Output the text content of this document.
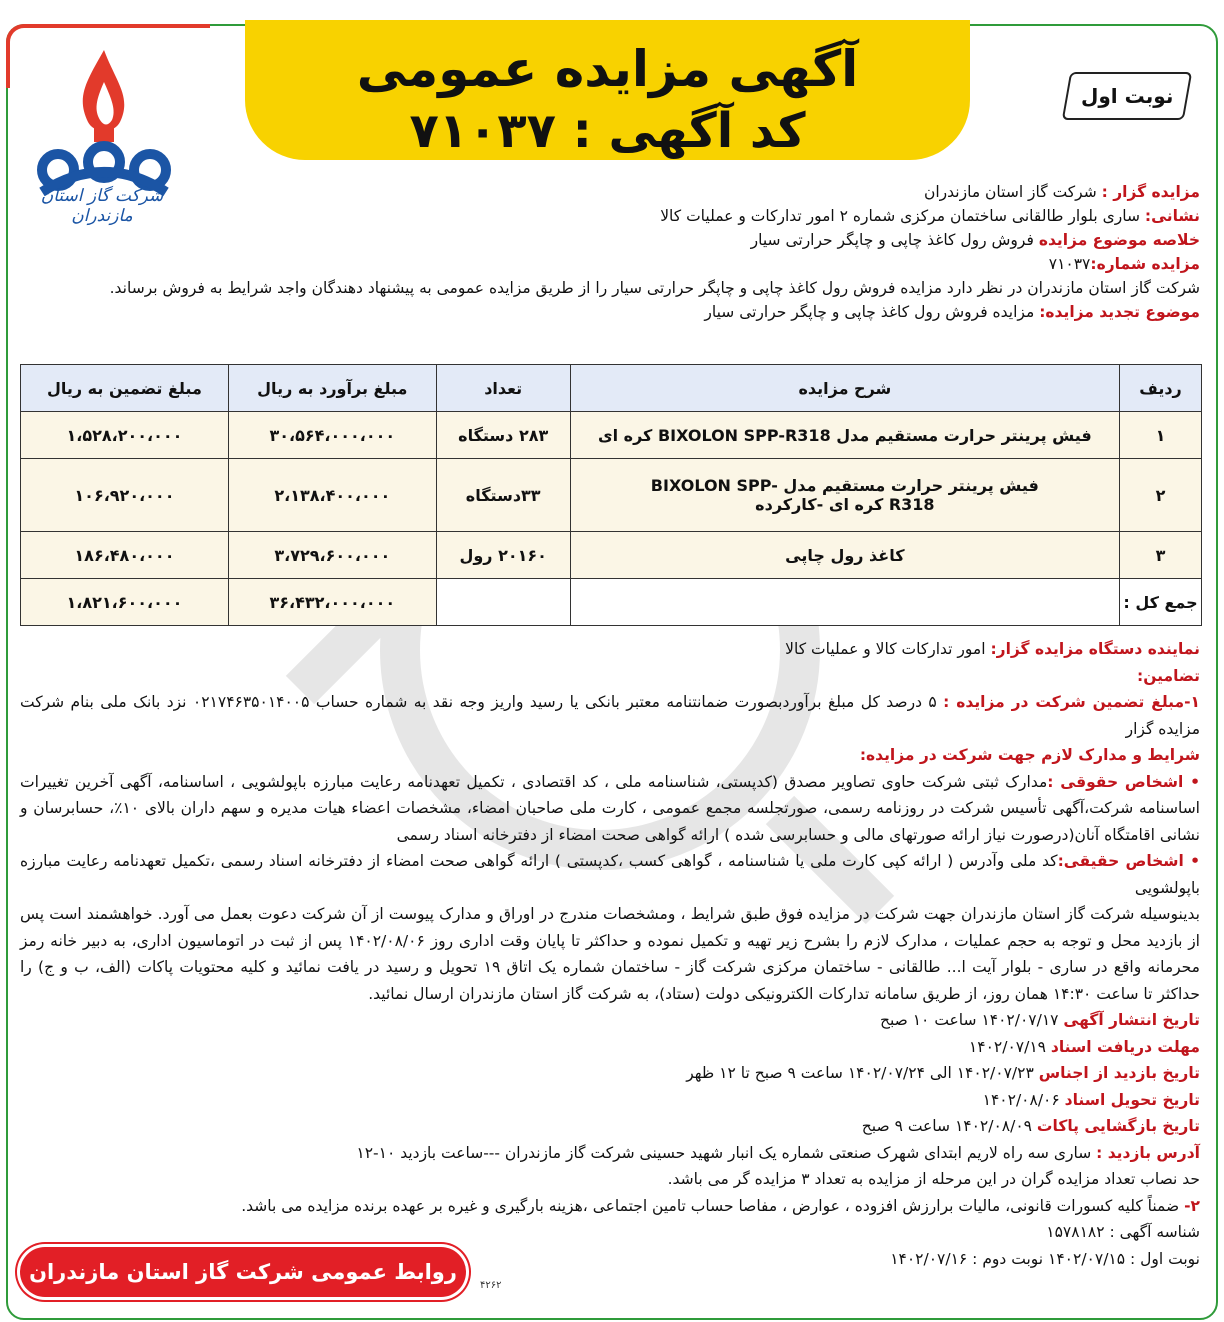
آگهی مزایده عمومی
کد آگهی : ۷۱۰۳۷
نوبت اول
شرکت گاز استان مازندران
مزایده گزار : شرکت گاز استان مازندران
نشانی: ساری بلوار طالقانی ساختمان مرکزی شماره ۲ امور تدارکات و عملیات کالا
خلاصه موضوع مزایده فروش رول کاغذ چاپی و چاپگر حرارتی سیار
مزایده شماره:۷۱۰۳۷
شرکت گاز استان مازندران در نظر دارد مزایده فروش رول کاغذ چاپی و چاپگر حرارتی سیار را از طریق مزایده عمومی به پیشنهاد دهندگان واجد شرایط به فروش برساند.
موضوع تجدید مزایده: مزایده فروش رول کاغذ چاپی و چاپگر حرارتی سیار
ردیف	شرح مزایده	تعداد	مبلغ برآورد به ریال	مبلغ تضمین به ریال
۱	فیش پرینتر حرارت مستقیم مدل BIXOLON SPP-R318 کره ای	۲۸۳ دستگاه	۳۰،۵۶۴،۰۰۰،۰۰۰	۱،۵۲۸،۲۰۰،۰۰۰
۲	فیش پرینتر حرارت مستقیم مدل BIXOLON SPP-R318 کره ای -کارکرده	۳۳دستگاه	۲،۱۳۸،۴۰۰،۰۰۰	۱۰۶،۹۲۰،۰۰۰
۳	کاغذ رول چاپی	۲۰۱۶۰ رول	۳،۷۲۹،۶۰۰،۰۰۰	۱۸۶،۴۸۰،۰۰۰
جمع کل :			۳۶،۴۳۲،۰۰۰،۰۰۰	۱،۸۲۱،۶۰۰،۰۰۰

نماینده دستگاه مزایده گزار: امور تدارکات کالا و عملیات کالا

تضامین:

۱-مبلغ تضمین شرکت در مزایده : ۵ درصد کل مبلغ برآوردبصورت ضمانتنامه معتبر بانکی یا رسید واریز وجه نقد به شماره حساب ۰۲۱۷۴۶۳۵۰۱۴۰۰۵ نزد بانک ملی بنام شرکت مزایده گزار

شرایط و مدارک لازم جهت شرکت در مزایده:

• اشخاص حقوقی :مدارک ثبتی شرکت حاوی تصاویر مصدق (کدپستی، شناسنامه ملی ، کد اقتصادی ، تکمیل تعهدنامه رعایت مبارزه باپولشویی ، اساسنامه، آگهی آخرین تغییرات اساسنامه شرکت،آگهی تأسیس شرکت در روزنامه رسمی، صورتجلسه مجمع عمومی ، کارت ملی صاحبان امضاء، مشخصات اعضاء هیات مدیره و سهم داران بالای ۱۰٪، حسابرسان و نشانی اقامتگاه آنان(درصورت نیاز ارائه صورتهای مالی و حسابرسی شده ) ارائه گواهی صحت امضاء از دفترخانه اسناد رسمی

• اشخاص حقیقی:کد ملی وآدرس ( ارائه کپی کارت ملی یا شناسنامه ، گواهی کسب ،کدپستی ) ارائه گواهی صحت امضاء از دفترخانه اسناد رسمی ،تکمیل تعهدنامه رعایت مبارزه باپولشویی

بدینوسیله شرکت گاز استان مازندران جهت شرکت در مزایده فوق طبق شرایط ، ومشخصات مندرج در اوراق و مدارک پیوست از آن شرکت دعوت بعمل می آورد. خواهشمند است پس از بازدید محل و توجه به حجم عملیات ، مدارک لازم را بشرح زیر تهیه و تکمیل نموده و حداکثر تا پایان وقت اداری روز ۱۴۰۲/۰۸/۰۶ پس از ثبت در اتوماسیون اداری، به دبیر خانه رمز محرمانه واقع در ساری - بلوار آیت ا... طالقانی - ساختمان مرکزی شرکت گاز - ساختمان شماره یک اتاق ۱۹ تحویل و رسید در یافت نمائید و کلیه محتویات پاکات (الف، ب و ج) را حداکثر تا ساعت ۱۴:۳۰ همان روز، از طریق سامانه تدارکات الکترونیکی دولت (ستاد)، به شرکت گاز استان مازندران ارسال نمائید.

تاریخ انتشار آگهی ۱۴۰۲/۰۷/۱۷ ساعت ۱۰ صبح

مهلت دریافت اسناد ۱۴۰۲/۰۷/۱۹

تاریخ بازدید از اجناس ۱۴۰۲/۰۷/۲۳ الی ۱۴۰۲/۰۷/۲۴ ساعت ۹ صبح تا ۱۲ ظهر

تاریخ تحویل اسناد ۱۴۰۲/۰۸/۰۶

تاریخ بازگشایی پاکات ۱۴۰۲/۰۸/۰۹ ساعت ۹ صبح

آدرس بازدید : ساری سه راه لاریم ابتدای شهرک صنعتی شماره یک انبار شهید حسینی شرکت گاز مازندران ---ساعت بازدید ۱۰-۱۲

حد نصاب تعداد مزایده گران در این مرحله از مزایده به تعداد ۳ مزایده گر می باشد.

۲- ضمناً کلیه کسورات قانونی، مالیات برارزش افزوده ، عوارض ، مفاصا حساب تامین اجتماعی ،هزینه بارگیری و غیره بر عهده برنده مزایده می باشد.

شناسه آگهی : ۱۵۷۸۱۸۲

نوبت اول : ۱۴۰۲/۰۷/۱۵ نوبت دوم : ۱۴۰۲/۰۷/۱۶

روابط عمومی شرکت گاز استان مازندران
۴۲۶۲
